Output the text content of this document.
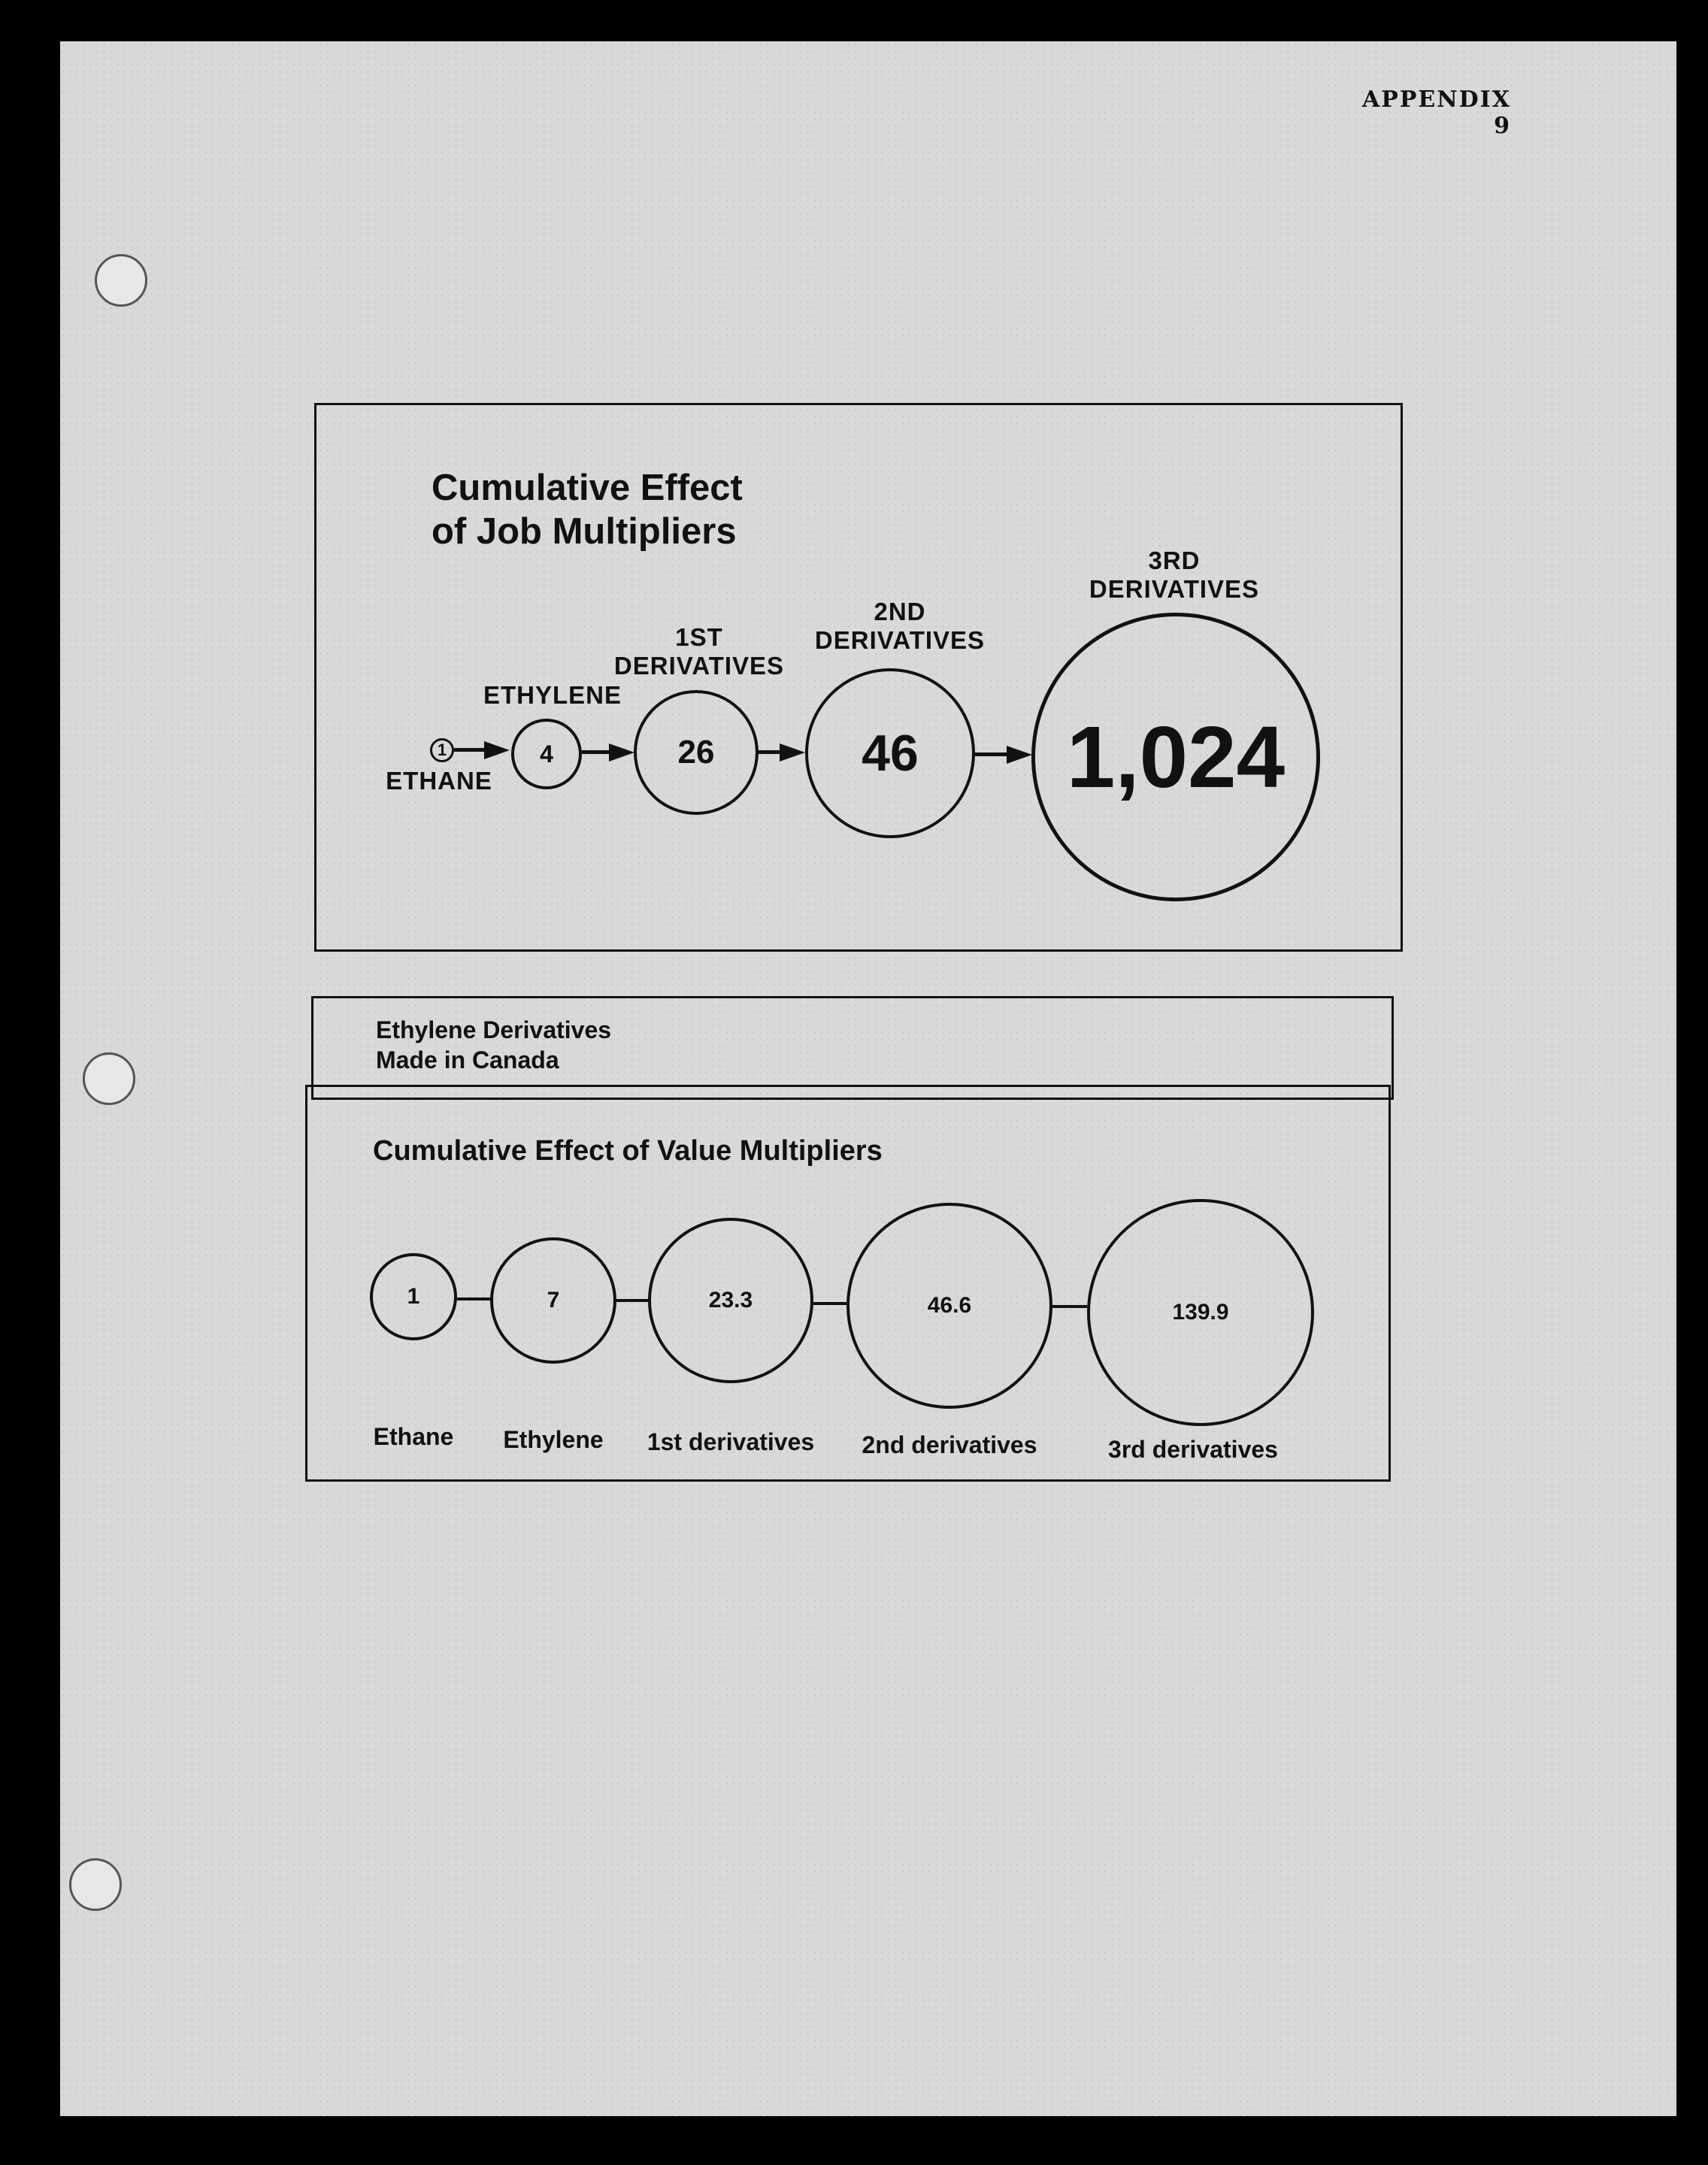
APPENDIX 9
Cumulative Effect
of Job Multipliers
1	4	26	46 1,024
ETHANE
ETHYLENE
1ST
DERIVATIVES
2ND
DERIVATIVES
3RD
DERIVATIVES
Ethylene Derivatives
Made in Canada
Cumulative Effect of Value Multipliers
1	7	23.3	46.6	139.9
Ethane	Ethylene	1st derivatives	2nd derivatives	3rd derivatives
